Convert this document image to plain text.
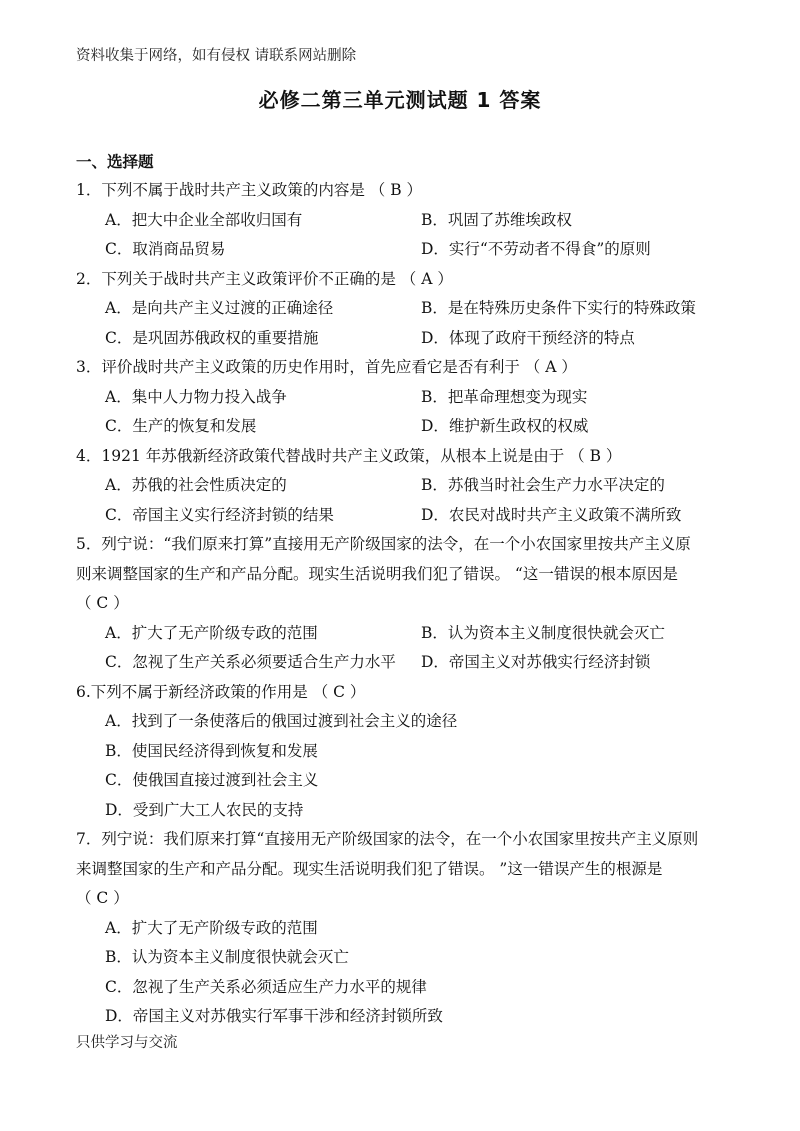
资料收集于网络，如有侵权 请联系网站删除
必修二第三单元测试题 1 答案
一、选择题
1．下列不属于战时共产主义政策的内容是 （ B ）
A．把大中企业全部收归国有	B．巩固了苏维埃政权
C．取消商品贸易	D．实行“不劳动者不得食”的原则
2．下列关于战时共产主义政策评价不正确的是 （ A ）
A．是向共产主义过渡的正确途径	B．是在特殊历史条件下实行的特殊政策
C．是巩固苏俄政权的重要措施	D．体现了政府干预经济的特点
3．评价战时共产主义政策的历史作用时，首先应看它是否有利于 （ A ）
A．集中人力物力投入战争	B．把革命理想变为现实
C．生产的恢复和发展	D．维护新生政权的权威
4．1921 年苏俄新经济政策代替战时共产主义政策，从根本上说是由于 （ B ）
A．苏俄的社会性质决定的	B．苏俄当时社会生产力水平决定的
C．帝国主义实行经济封锁的结果	D．农民对战时共产主义政策不满所致
5．列宁说：“我们原来打算”直接用无产阶级国家的法令，在一个小农国家里按共产主义原
则来调整国家的生产和产品分配。现实生活说明我们犯了错误。 “这一错误的根本原因是
（ C ）
A．扩大了无产阶级专政的范围	B．认为资本主义制度很快就会灭亡
C．忽视了生产关系必须要适合生产力水平	D．帝国主义对苏俄实行经济封锁
6.下列不属于新经济政策的作用是 （ C ）
A．找到了一条使落后的俄国过渡到社会主义的途径
B．使国民经济得到恢复和发展
C．使俄国直接过渡到社会主义
D．受到广大工人农民的支持
7．列宁说：我们原来打算“直接用无产阶级国家的法令，在一个小农国家里按共产主义原则
来调整国家的生产和产品分配。现实生活说明我们犯了错误。 ”这一错误产生的根源是
（ C ）
A．扩大了无产阶级专政的范围
B．认为资本主义制度很快就会灭亡
C．忽视了生产关系必须适应生产力水平的规律
D．帝国主义对苏俄实行军事干涉和经济封锁所致
只供学习与交流
